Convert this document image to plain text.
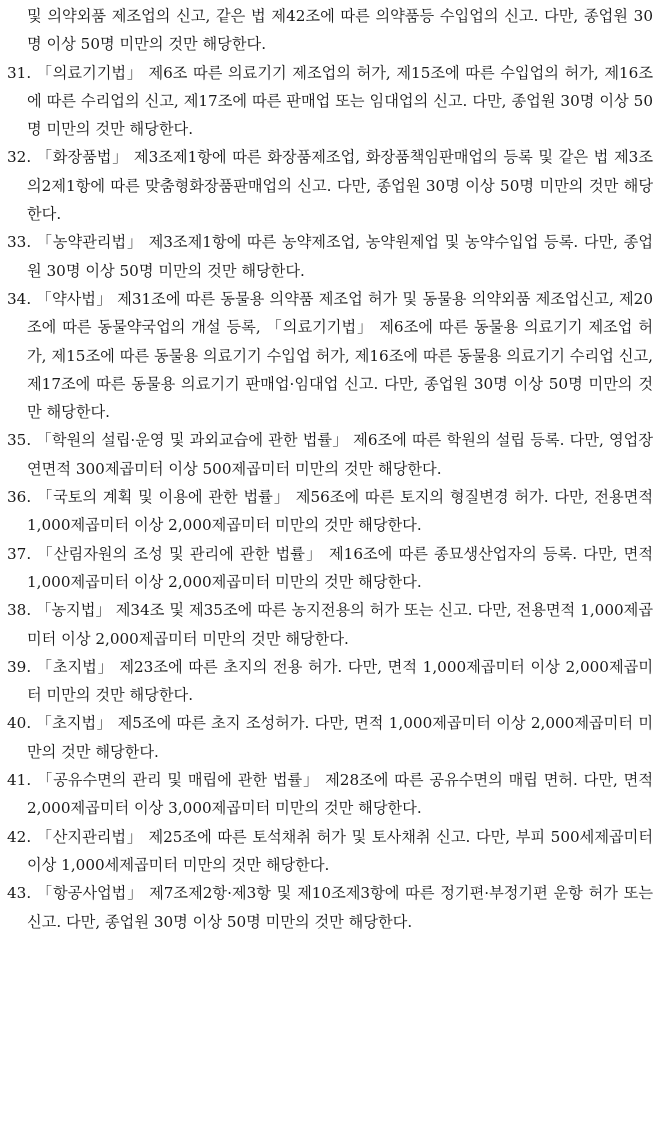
및 의약외품 제조업의 신고, 같은 법 제42조에 따른 의약품등 수입업의 신고. 다만, 종업원 30명 이상 50명 미만의 것만 해당한다.
31. 「의료기기법」 제6조 따른 의료기기 제조업의 허가, 제15조에 따른 수입업의 허가, 제16조에 따른 수리업의 신고, 제17조에 따른 판매업 또는 임대업의 신고. 다만, 종업원 30명 이상 50명 미만의 것만 해당한다.
32. 「화장품법」 제3조제1항에 따른 화장품제조업, 화장품책임판매업의 등록 및 같은 법 제3조의2제1항에 따른 맞춤형화장품판매업의 신고. 다만, 종업원 30명 이상 50명 미만의 것만 해당한다.
33. 「농약관리법」 제3조제1항에 따른 농약제조업, 농약원제업 및 농약수입업 등록. 다만, 종업원 30명 이상 50명 미만의 것만 해당한다.
34. 「약사법」 제31조에 따른 동물용 의약품 제조업 허가 및 동물용 의약외품 제조업신고, 제20조에 따른 동물약국업의 개설 등록, 「의료기기법」 제6조에 따른 동물용 의료기기 제조업 허가, 제15조에 따른 동물용 의료기기 수입업 허가, 제16조에 따른 동물용 의료기기 수리업 신고, 제17조에 따른 동물용 의료기기 판매업·임대업 신고. 다만, 종업원 30명 이상 50명 미만의 것만 해당한다.
35. 「학원의 설립·운영 및 과외교습에 관한 법률」 제6조에 따른 학원의 설립 등록. 다만, 영업장 연면적 300제곱미터 이상 500제곱미터 미만의 것만 해당한다.
36. 「국토의 계획 및 이용에 관한 법률」 제56조에 따른 토지의 형질변경 허가. 다만, 전용면적 1,000제곱미터 이상 2,000제곱미터 미만의 것만 해당한다.
37. 「산림자원의 조성 및 관리에 관한 법률」 제16조에 따른 종묘생산업자의 등록. 다만, 면적 1,000제곱미터 이상 2,000제곱미터 미만의 것만 해당한다.
38. 「농지법」 제34조 및 제35조에 따른 농지전용의 허가 또는 신고. 다만, 전용면적 1,000제곱미터 이상 2,000제곱미터 미만의 것만 해당한다.
39. 「초지법」 제23조에 따른 초지의 전용 허가. 다만, 면적 1,000제곱미터 이상 2,000제곱미터 미만의 것만 해당한다.
40. 「초지법」 제5조에 따른 초지 조성허가. 다만, 면적 1,000제곱미터 이상 2,000제곱미터 미만의 것만 해당한다.
41. 「공유수면의 관리 및 매립에 관한 법률」 제28조에 따른 공유수면의 매립 면허. 다만, 면적 2,000제곱미터 이상 3,000제곱미터 미만의 것만 해당한다.
42. 「산지관리법」 제25조에 따른 토석채취 허가 및 토사채취 신고. 다만, 부피 500세제곱미터 이상 1,000세제곱미터 미만의 것만 해당한다.
43. 「항공사업법」 제7조제2항·제3항 및 제10조제3항에 따른 정기편·부정기편 운항 허가 또는 신고. 다만, 종업원 30명 이상 50명 미만의 것만 해당한다.
